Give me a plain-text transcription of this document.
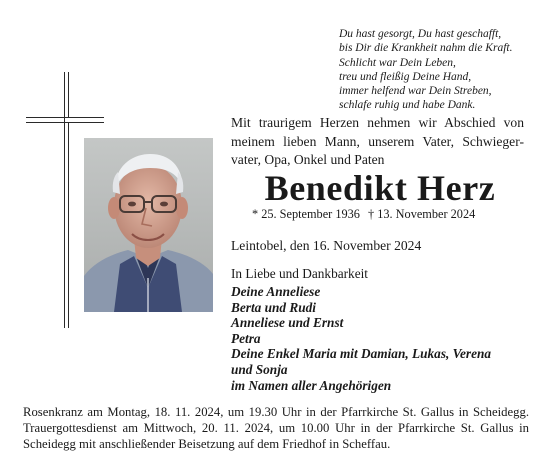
Du hast gesorgt, Du hast geschafft,
bis Dir die Krankheit nahm die Kraft.
Schlicht war Dein Leben,
treu und fleißig Deine Hand,
immer helfend war Dein Streben,
schlafe ruhig und habe Dank.
Mit traurigem Herzen nehmen wir Abschied von
meinem lieben Mann, unserem Vater, Schwieger-
vater, Opa, Onkel und Paten
Benedikt Herz
* 25. September 1936 † 13. November 2024
Leintobel, den 16. November 2024
In Liebe und Dankbarkeit
Deine Anneliese
Berta und Rudi
Anneliese und Ernst
Petra
Deine Enkel Maria mit Damian, Lukas, Verena
und Sonja
im Namen aller Angehörigen
Rosenkranz am Montag, 18. 11. 2024, um 19.30 Uhr in der Pfarrkirche St. Gallus in Scheidegg.
Trauergottesdienst am Mittwoch, 20. 11. 2024, um 10.00 Uhr in der Pfarrkirche St. Gallus in
Scheidegg mit anschließender Beisetzung auf dem Friedhof in Scheffau.
